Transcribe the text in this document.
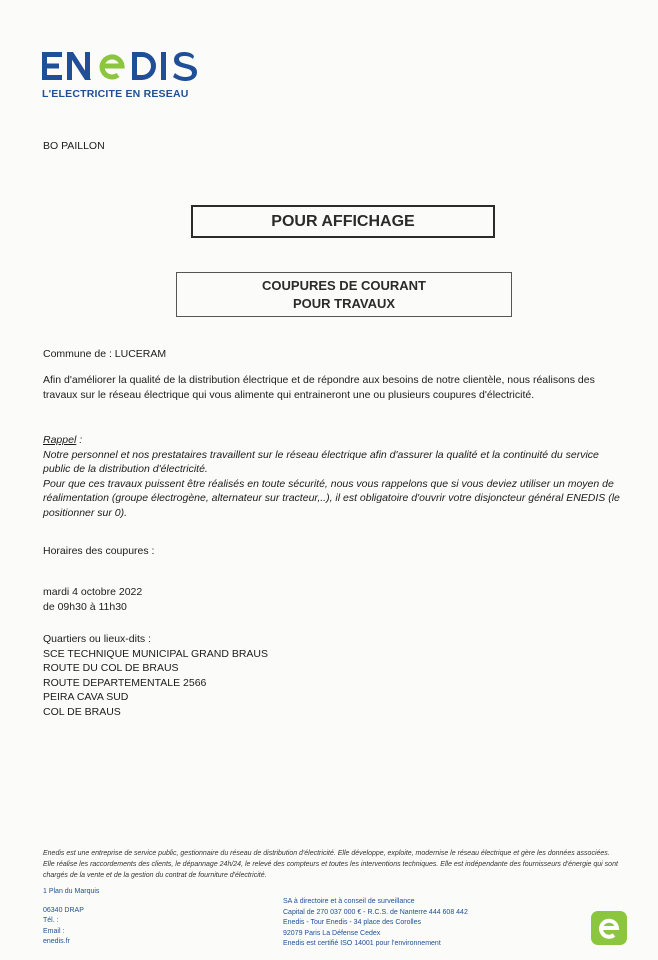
L'ELECTRICITE EN RESEAU
BO PAILLON
POUR AFFICHAGE
COUPURES DE COURANT
POUR TRAVAUX
Commune de : LUCERAM
Afin d'améliorer la qualité de la distribution électrique et de répondre aux besoins de notre clientèle, nous réalisons des travaux sur le réseau électrique qui vous alimente qui entraineront une ou plusieurs coupures d'électricité.
Rappel :
Notre personnel et nos prestataires travaillent sur le réseau électrique afin d'assurer la qualité et la continuité du service public de la distribution d'électricité.
Pour que ces travaux puissent être réalisés en toute sécurité, nous vous rappelons que si vous deviez utiliser un moyen de réalimentation (groupe électrogène, alternateur sur tracteur,..), il est obligatoire d'ouvrir votre disjoncteur général ENEDIS (le positionner sur 0).
Horaires des coupures :
mardi 4 octobre 2022
de 09h30 à 11h30
Quartiers ou lieux-dits :
SCE TECHNIQUE MUNICIPAL GRAND BRAUS
ROUTE DU COL DE BRAUS
ROUTE DEPARTEMENTALE 2566
PEIRA CAVA SUD
COL DE BRAUS
Enedis est une entreprise de service public, gestionnaire du réseau de distribution d'électricité. Elle développe, exploite, modernise le réseau électrique et gère les données associées. Elle réalise les raccordements des clients, le dépannage 24h/24, le relevé des compteurs et toutes les interventions techniques. Elle est indépendante des fournisseurs d'énergie qui sont chargés de la vente et de la gestion du contrat de fourniture d'électricité.
1 Plan du Marquis
06340 DRAP
Tél. :
Email :
enedis.fr
SA à directoire et à conseil de surveillance
Capital de 270 037 000 € - R.C.S. de Nanterre 444 608 442
Enedis - Tour Enedis - 34 place des Corolles
92079 Paris La Défense Cedex
Enedis est certifié ISO 14001 pour l'environnement
